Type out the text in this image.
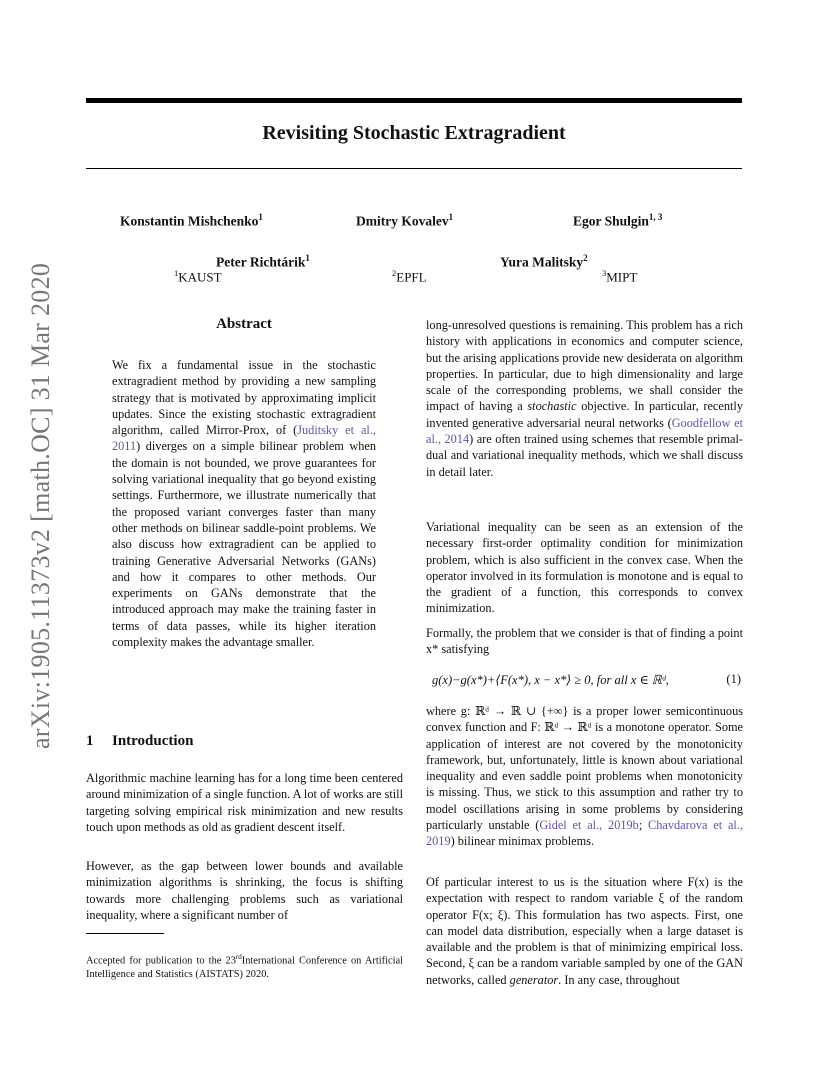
arXiv:1905.11373v2 [math.OC] 31 Mar 2020
Revisiting Stochastic Extragradient
Konstantin Mishchenko$^1$	Dmitry Kovalev$^1$	Egor Shulgin$^{1, 3}$
Peter Richtárik$^1$	Yura Malitsky$^2$
$^1$KAUST	$^2$EPFL	$^3$MIPT
Abstract
We fix a fundamental issue in the stochastic extragradient method by providing a new sampling strategy that is motivated by approximating implicit updates. Since the existing stochastic extragradient algorithm, called Mirror-Prox, of (Juditsky et al., 2011) diverges on a simple bilinear problem when the domain is not bounded, we prove guarantees for solving variational inequality that go beyond existing settings. Furthermore, we illustrate numerically that the proposed variant converges faster than many other methods on bilinear saddle-point problems. We also discuss how extragradient can be applied to training Generative Adversarial Networks (GANs) and how it compares to other methods. Our experiments on GANs demonstrate that the introduced approach may make the training faster in terms of data passes, while its higher iteration complexity makes the advantage smaller.
1 Introduction
Algorithmic machine learning has for a long time been centered around minimization of a single function. A lot of works are still targeting solving empirical risk minimization and new results touch upon methods as old as gradient descent itself.
However, as the gap between lower bounds and available minimization algorithms is shrinking, the focus is shifting towards more challenging problems such as variational inequality, where a significant number of
Accepted for publication to the 23rdInternational Conference on Artificial Intelligence and Statistics (AISTATS) 2020.
long-unresolved questions is remaining. This problem has a rich history with applications in economics and computer science, but the arising applications provide new desiderata on algorithm properties. In particular, due to high dimensionality and large scale of the corresponding problems, we shall consider the impact of having a stochastic objective. In particular, recently invented generative adversarial neural networks (Goodfellow et al., 2014) are often trained using schemes that resemble primal-dual and variational inequality methods, which we shall discuss in detail later.
Variational inequality can be seen as an extension of the necessary first-order optimality condition for minimization problem, which is also sufficient in the convex case. When the operator involved in its formulation is monotone and is equal to the gradient of a function, this corresponds to convex minimization.
Formally, the problem that we consider is that of finding a point x* satisfying
g(x)−g(x*)+⟨F(x*), x − x*⟩ ≥ 0, for all x ∈ ℝᵈ,	(1)
where g: ℝᵈ → ℝ ∪ {+∞} is a proper lower semicontinuous convex function and F: ℝᵈ → ℝᵈ is a monotone operator. Some application of interest are not covered by the monotonicity framework, but, unfortunately, little is known about variational inequality and even saddle point problems when monotonicity is missing. Thus, we stick to this assumption and rather try to model oscillations arising in some problems by considering particularly unstable (Gidel et al., 2019b; Chavdarova et al., 2019) bilinear minimax problems.
Of particular interest to us is the situation where F(x) is the expectation with respect to random variable ξ of the random operator F(x; ξ). This formulation has two aspects. First, one can model data distribution, especially when a large dataset is available and the problem is that of minimizing empirical loss. Second, ξ can be a random variable sampled by one of the GAN networks, called generator. In any case, throughout
